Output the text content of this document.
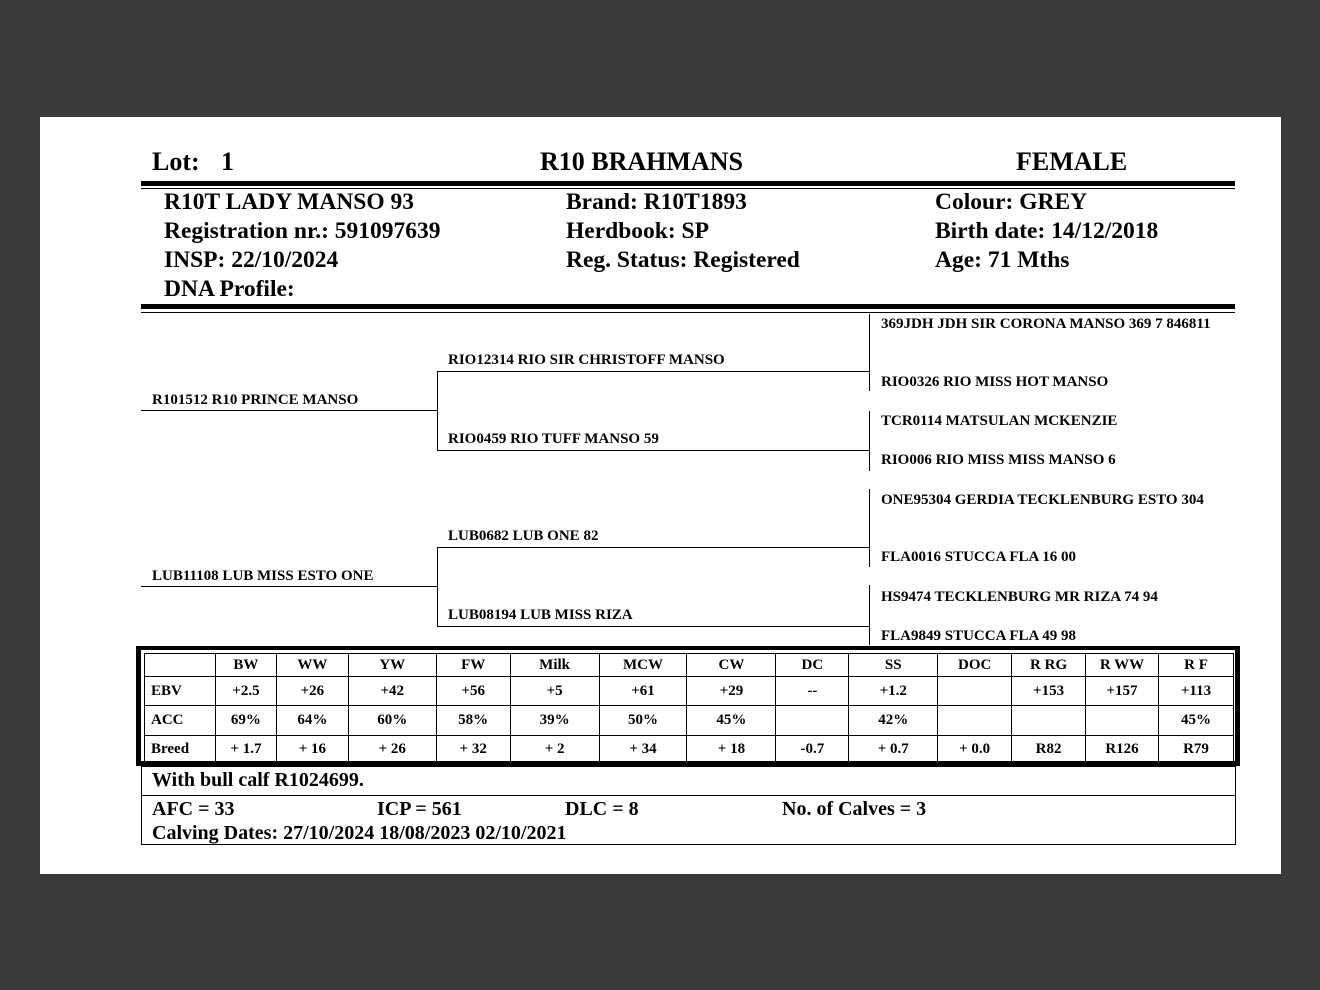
Lot: 1	R10 BRAHMANS	FEMALE
R10T LADY MANSO 93
Registration nr.: 591097639
INSP: 22/10/2024
DNA Profile:
Brand: R10T1893
Herdbook: SP
Reg. Status: Registered
Colour: GREY
Birth date: 14/12/2018
Age: 71 Mths
R101512 R10 PRINCE MANSO
LUB11108 LUB MISS ESTO ONE
RIO12314 RIO SIR CHRISTOFF MANSO
RIO0459 RIO TUFF MANSO 59
LUB0682 LUB ONE 82
LUB08194 LUB MISS RIZA
369JDH JDH SIR CORONA MANSO 369 7 846811
RIO0326 RIO MISS HOT MANSO
TCR0114 MATSULAN MCKENZIE
RIO006 RIO MISS MISS MANSO 6
ONE95304 GERDIA TECKLENBURG ESTO 304
FLA0016 STUCCA FLA 16 00
HS9474 TECKLENBURG MR RIZA 74 94
FLA9849 STUCCA FLA 49 98
	BW	WW	YW	FW	Milk	MCW	CW	DC	SS	DOC	R RG	R WW	R F
EBV	+2.5	+26	+42	+56	+5	+61	+29	--	+1.2		+153	+157	+113
ACC	69%	64%	60%	58%	39%	50%	45%		42%				45%
Breed	+ 1.7	+ 16	+ 26	+ 32	+ 2	+ 34	+ 18	-0.7	+ 0.7	+ 0.0	R82	R126	R79
With bull calf R1024699.
AFC = 33	ICP = 561	DLC = 8	No. of Calves = 3
Calving Dates: 27/10/2024 18/08/2023 02/10/2021
